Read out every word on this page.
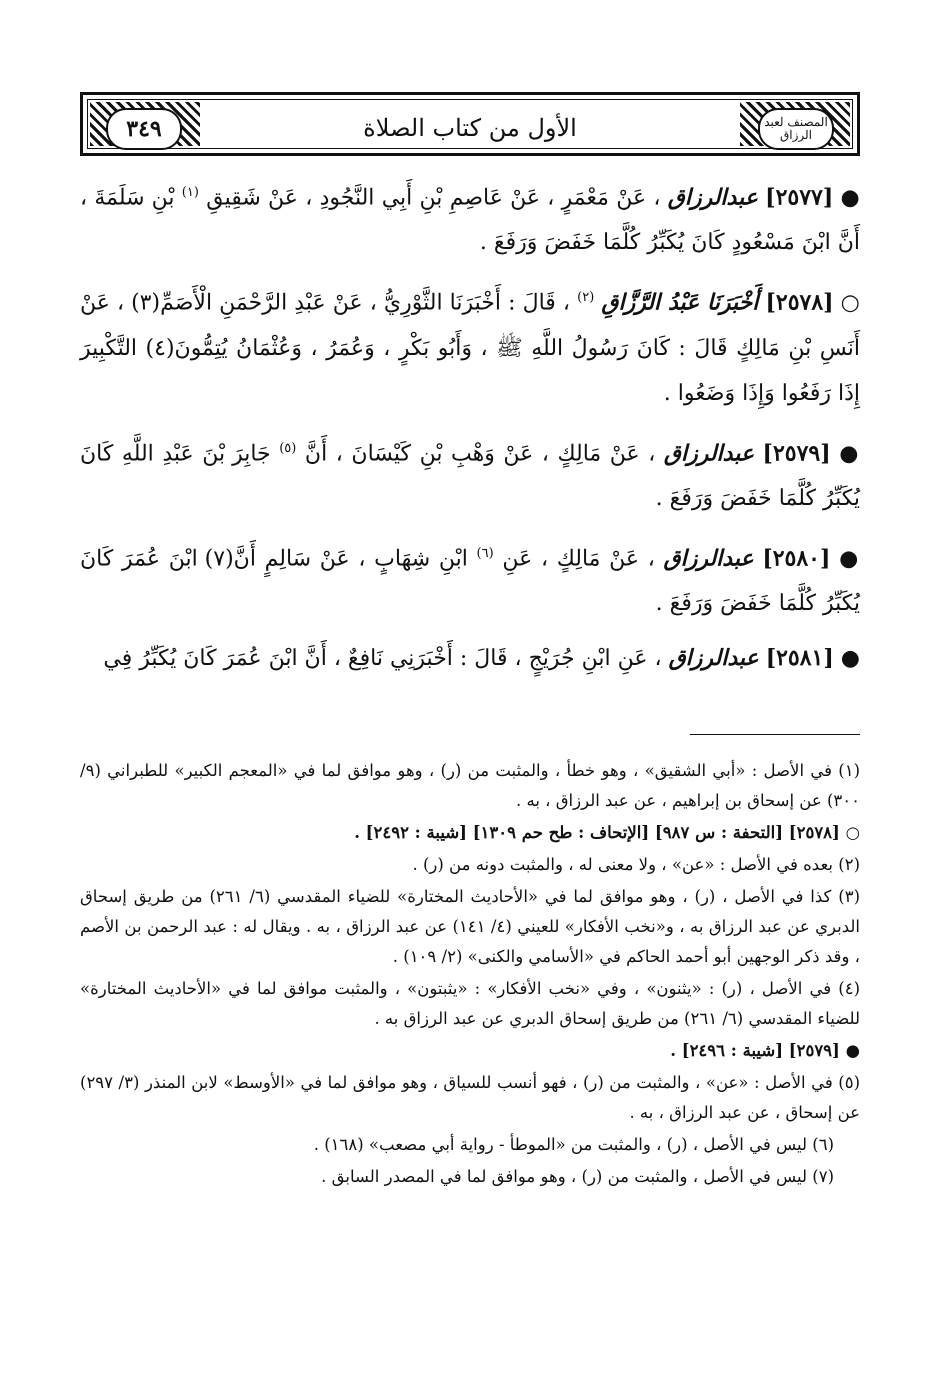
٣٤٩	المصنف لعبد الرزاق
الأول من كتاب الصلاة

● [٢٥٧٧] عبدالرزاق ، عَنْ مَعْمَرٍ ، عَنْ عَاصِمِ بْنِ أَبِي النَّجُودِ ، عَنْ شَقِيقِ $^{(١)}$ بْنِ سَلَمَةَ ، أَنَّ ابْنَ مَسْعُودٍ كَانَ يُكَبِّرُ كُلَّمَا خَفَضَ وَرَفَعَ .

○ [٢٥٧٨] أَخْبَرَنَا عَبْدُ الرَّزَّاقِ $^{(٢)}$ ، قَالَ : أَخْبَرَنَا الثَّوْرِيُّ ، عَنْ عَبْدِ الرَّحْمَنِ الْأَصَمِّ(٣) ، عَنْ أَنَسِ بْنِ مَالِكٍ قَالَ : كَانَ رَسُولُ اللَّهِ ﷺ ، وَأَبُو بَكْرٍ ، وَعُمَرُ ، وَعُثْمَانُ يُتِمُّونَ(٤) التَّكْبِيرَ إِذَا رَفَعُوا وَإِذَا وَضَعُوا .

● [٢٥٧٩] عبدالرزاق ، عَنْ مَالِكٍ ، عَنْ وَهْبِ بْنِ كَيْسَانَ ، أَنَّ $^{(٥)}$ جَابِرَ بْنَ عَبْدِ اللَّهِ كَانَ يُكَبِّرُ كُلَّمَا خَفَضَ وَرَفَعَ .

● [٢٥٨٠] عبدالرزاق ، عَنْ مَالِكٍ ، عَنِ $^{(٦)}$ ابْنِ شِهَابٍ ، عَنْ سَالِمٍ أَنَّ(٧) ابْنَ عُمَرَ كَانَ يُكَبِّرُ كُلَّمَا خَفَضَ وَرَفَعَ .

● [٢٥٨١] عبدالرزاق ، عَنِ ابْنِ جُرَيْجٍ ، قَالَ : أَخْبَرَنِي نَافِعٌ ، أَنَّ ابْنَ عُمَرَ كَانَ يُكَبِّرُ فِي

(١) في الأصل : «أبي الشقيق» ، وهو خطأ ، والمثبت من (ر) ، وهو موافق لما في «المعجم الكبير» للطبراني (٩/ ٣٠٠) عن إسحاق بن إبراهيم ، عن عبد الرزاق ، به .

○ [٢٥٧٨] [التحفة : س ٩٨٧] [الإتحاف : طح حم ١٣٠٩] [شيبة : ٢٤٩٢] .

(٢) بعده في الأصل : «عن» ، ولا معنى له ، والمثبت دونه من (ر) .

(٣) كذا في الأصل ، (ر) ، وهو موافق لما في «الأحاديث المختارة» للضياء المقدسي (٦/ ٢٦١) من طريق إسحاق الدبري عن عبد الرزاق به ، و«نخب الأفكار» للعيني (٤/ ١٤١) عن عبد الرزاق ، به . ويقال له : عبد الرحمن بن الأصم ، وقد ذكر الوجهين أبو أحمد الحاكم في «الأسامي والكنى» (٢/ ١٠٩) .

(٤) في الأصل ، (ر) : «يثنون» ، وفي «نخب الأفكار» : «يثبتون» ، والمثبت موافق لما في «الأحاديث المختارة» للضياء المقدسي (٦/ ٢٦١) من طريق إسحاق الدبري عن عبد الرزاق به .

● [٢٥٧٩] [شيبة : ٢٤٩٦] .

(٥) في الأصل : «عن» ، والمثبت من (ر) ، فهو أنسب للسياق ، وهو موافق لما في «الأوسط» لابن المنذر (٣/ ٢٩٧) عن إسحاق ، عن عبد الرزاق ، به .

(٦) ليس في الأصل ، (ر) ، والمثبت من «الموطأ - رواية أبي مصعب» (١٦٨) .

(٧) ليس في الأصل ، والمثبت من (ر) ، وهو موافق لما في المصدر السابق .
